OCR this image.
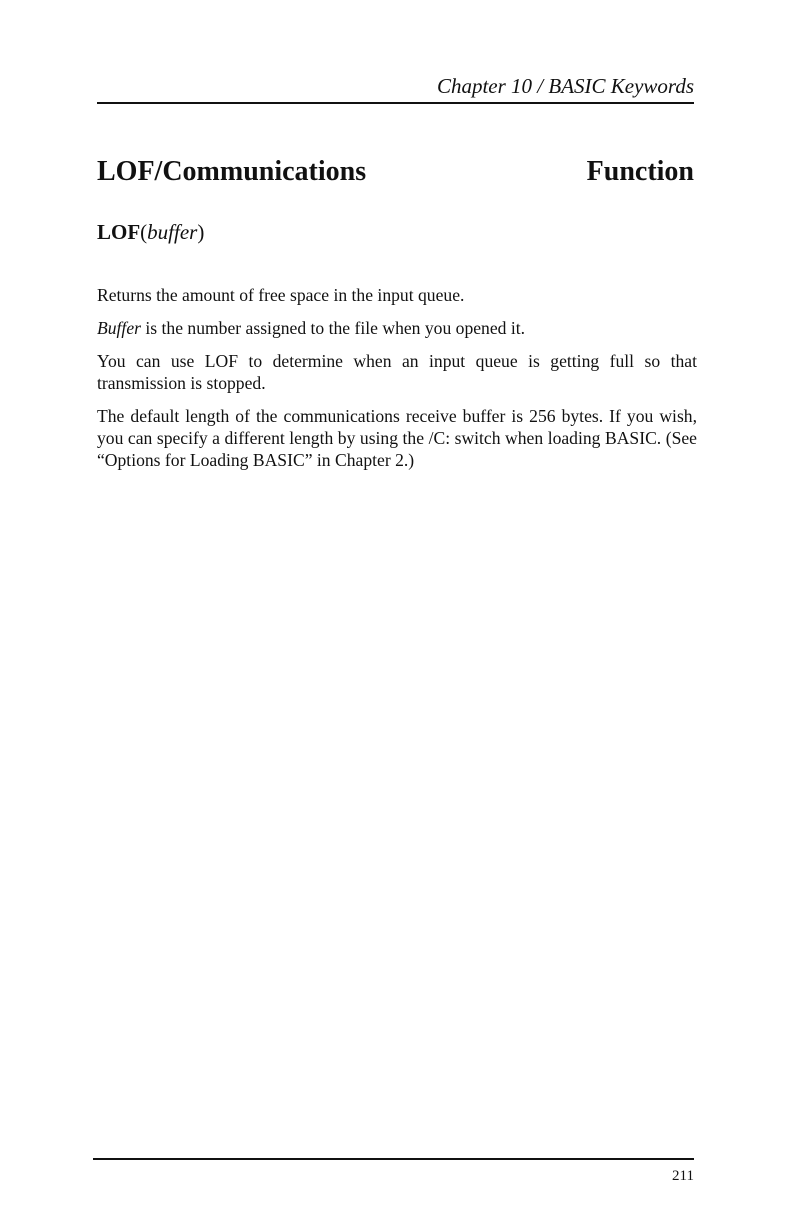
Chapter 10 / BASIC Keywords
LOF/Communications	Function
LOF(buffer)

Returns the amount of free space in the input queue.

Buffer is the number assigned to the file when you opened it.

You can use LOF to determine when an input queue is getting full so that transmission is stopped.

The default length of the communications receive buffer is 256 bytes. If you wish, you can specify a different length by using the /C: switch when loading BASIC. (See “Options for Loading BASIC” in Chapter 2.)

211
